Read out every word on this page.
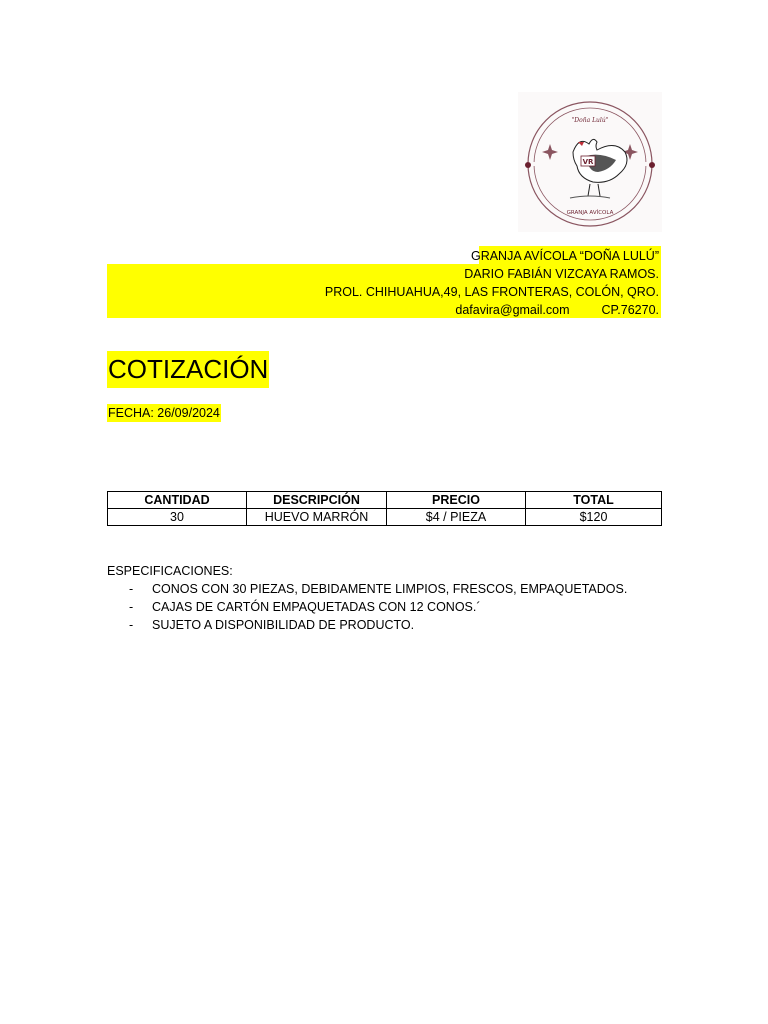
"Doña Lulú"
VR
GRANJA AVÍCOLA
GRANJA AVÍCOLA “DOÑA LULÚ”
DARIO FABIÁN VIZCAYA RAMOS.
PROL. CHIHUAHUA,49, LAS FRONTERAS, COLÓN, QRO.
dafavira@gmail.com	CP.76270.
COTIZACIÓN
FECHA: 26/09/2024
CANTIDAD	DESCRIPCIÓN	PRECIO	TOTAL
30	HUEVO MARRÓN	$4 / PIEZA	$120
ESPECIFICACIONES:
- CONOS CON 30 PIEZAS, DEBIDAMENTE LIMPIOS, FRESCOS, EMPAQUETADOS.
- CAJAS DE CARTÓN EMPAQUETADAS CON 12 CONOS.´
- SUJETO A DISPONIBILIDAD DE PRODUCTO.
